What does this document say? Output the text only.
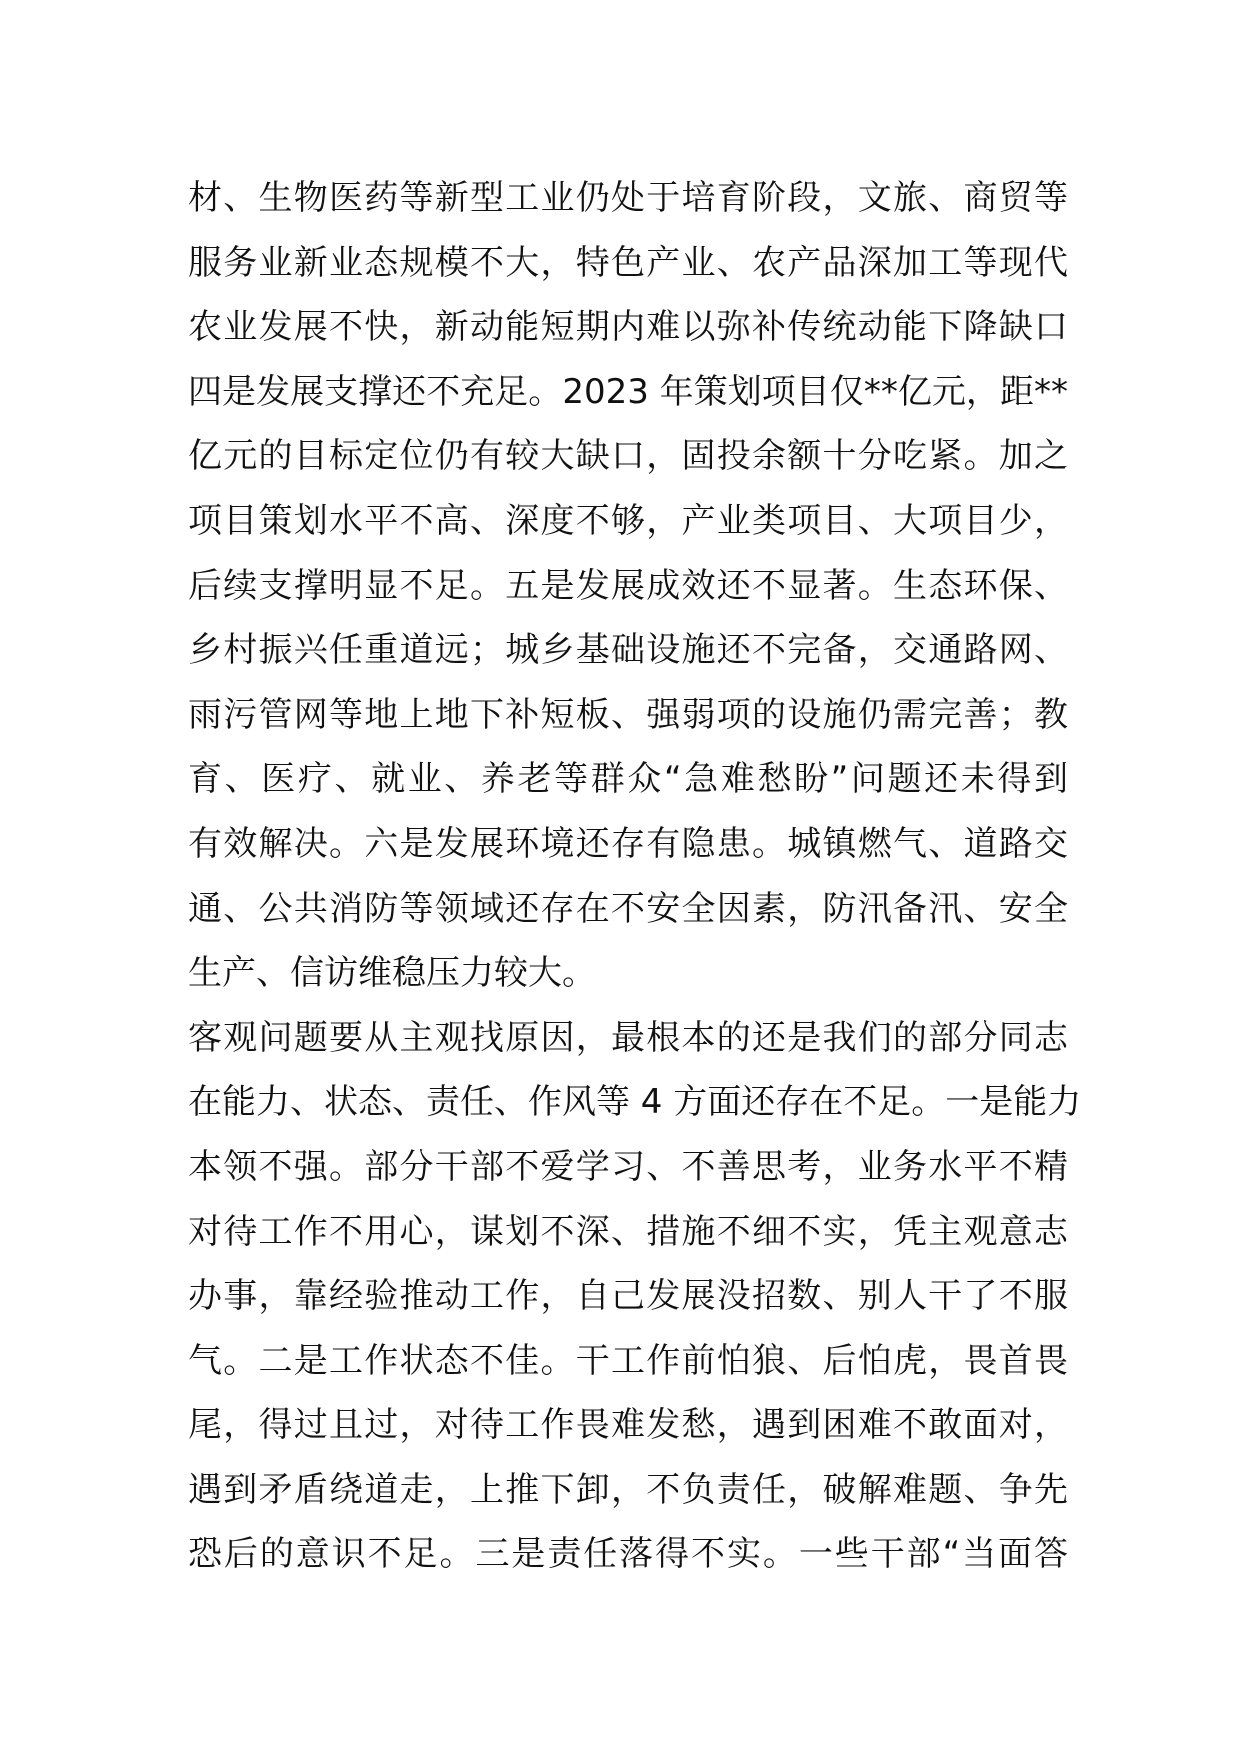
材、生物医药等新型工业仍处于培育阶段，文旅、商贸等
服务业新业态规模不大，特色产业、农产品深加工等现代
农业发展不快，新动能短期内难以弥补传统动能下降缺口
四是发展支撑还不充足。2023 年策划项目仅**亿元，距**
亿元的目标定位仍有较大缺口，固投余额十分吃紧。加之
项目策划水平不高、深度不够，产业类项目、大项目少，
后续支撑明显不足。五是发展成效还不显著。生态环保、
乡村振兴任重道远；城乡基础设施还不完备，交通路网、
雨污管网等地上地下补短板、强弱项的设施仍需完善；教
育、医疗、就业、养老等群众“急难愁盼”问题还未得到
有效解决。六是发展环境还存有隐患。城镇燃气、道路交
通、公共消防等领域还存在不安全因素，防汛备汛、安全
生产、信访维稳压力较大。
客观问题要从主观找原因，最根本的还是我们的部分同志
在能力、状态、责任、作风等 4 方面还存在不足。一是能力
本领不强。部分干部不爱学习、不善思考，业务水平不精
对待工作不用心，谋划不深、措施不细不实，凭主观意志
办事，靠经验推动工作，自己发展没招数、别人干了不服
气。二是工作状态不佳。干工作前怕狼、后怕虎，畏首畏
尾，得过且过，对待工作畏难发愁，遇到困难不敢面对，
遇到矛盾绕道走，上推下卸，不负责任，破解难题、争先
恐后的意识不足。三是责任落得不实。一些干部“当面答
